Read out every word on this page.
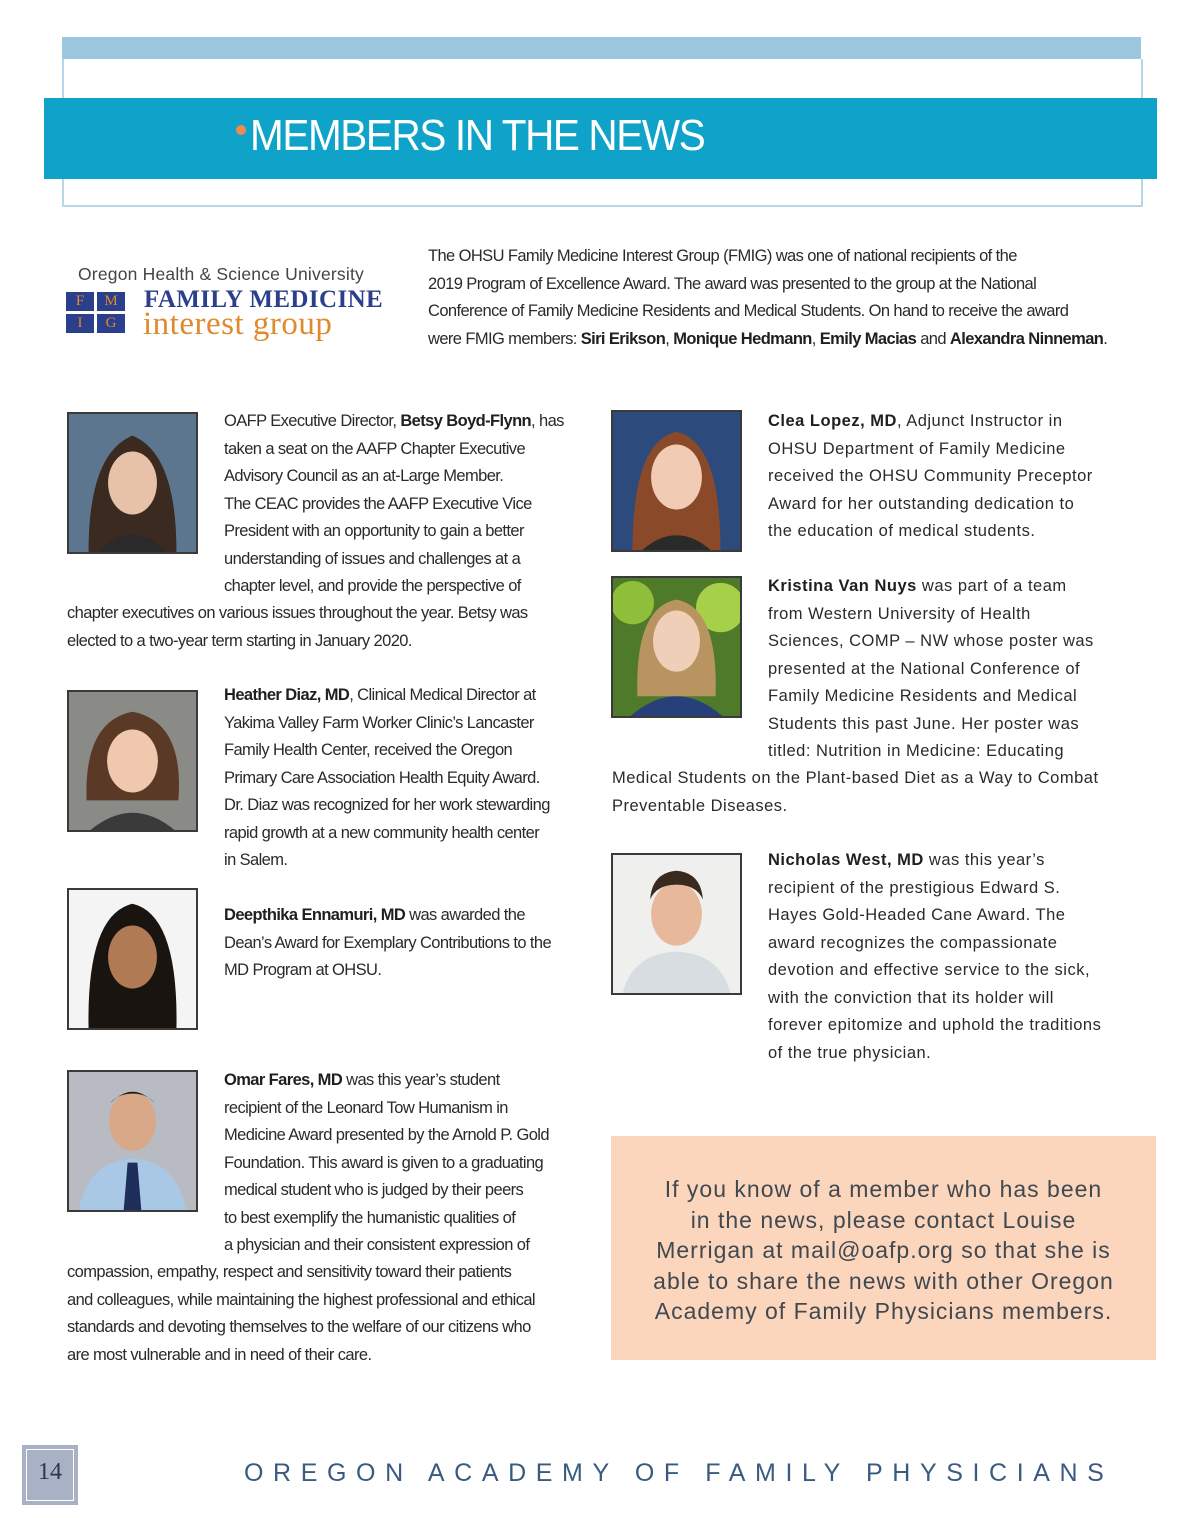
MEMBERS IN THE NEWS
Oregon Health & Science University
F	M
I	G
FAMILY MEDICINE
interest group
The OHSU Family Medicine Interest Group (FMIG) was one of national recipients of the
2019 Program of Excellence Award. The award was presented to the group at the National
Conference of Family Medicine Residents and Medical Students. On hand to receive the award
were FMIG members: Siri Erikson, Monique Hedmann, Emily Macias and Alexandra Ninneman.
OAFP Executive Director, Betsy Boyd-Flynn, has
taken a seat on the AAFP Chapter Executive
Advisory Council as an at-Large Member.
The CEAC provides the AAFP Executive Vice
President with an opportunity to gain a better
understanding of issues and challenges at a
chapter level, and provide the perspective of
chapter executives on various issues throughout the year. Betsy was
elected to a two-year term starting in January 2020.
Heather Diaz, MD, Clinical Medical Director at
Yakima Valley Farm Worker Clinic’s Lancaster
Family Health Center, received the Oregon
Primary Care Association Health Equity Award.
Dr. Diaz was recognized for her work stewarding
rapid growth at a new community health center
in Salem.
Deepthika Ennamuri, MD was awarded the
Dean’s Award for Exemplary Contributions to the
MD Program at OHSU.
Omar Fares, MD was this year’s student
recipient of the Leonard Tow Humanism in
Medicine Award presented by the Arnold P. Gold
Foundation. This award is given to a graduating
medical student who is judged by their peers
to best exemplify the humanistic qualities of
a physician and their consistent expression of
compassion, empathy, respect and sensitivity toward their patients
and colleagues, while maintaining the highest professional and ethical
standards and devoting themselves to the welfare of our citizens who
are most vulnerable and in need of their care.
Clea Lopez, MD, Adjunct Instructor in
OHSU Department of Family Medicine
received the OHSU Community Preceptor
Award for her outstanding dedication to
the education of medical students.
Kristina Van Nuys was part of a team
from Western University of Health
Sciences, COMP – NW whose poster was
presented at the National Conference of
Family Medicine Residents and Medical
Students this past June. Her poster was
titled: Nutrition in Medicine: Educating
Medical Students on the Plant-based Diet as a Way to Combat
Preventable Diseases.
Nicholas West, MD was this year’s
recipient of the prestigious Edward S.
Hayes Gold-Headed Cane Award. The
award recognizes the compassionate
devotion and effective service to the sick,
with the conviction that its holder will
forever epitomize and uphold the traditions
of the true physician.
If you know of a member who has been
in the news, please contact Louise
Merrigan at mail@oafp.org so that she is
able to share the news with other Oregon
Academy of Family Physicians members.
14	OREGON ACADEMY OF FAMILY PHYSICIANS
